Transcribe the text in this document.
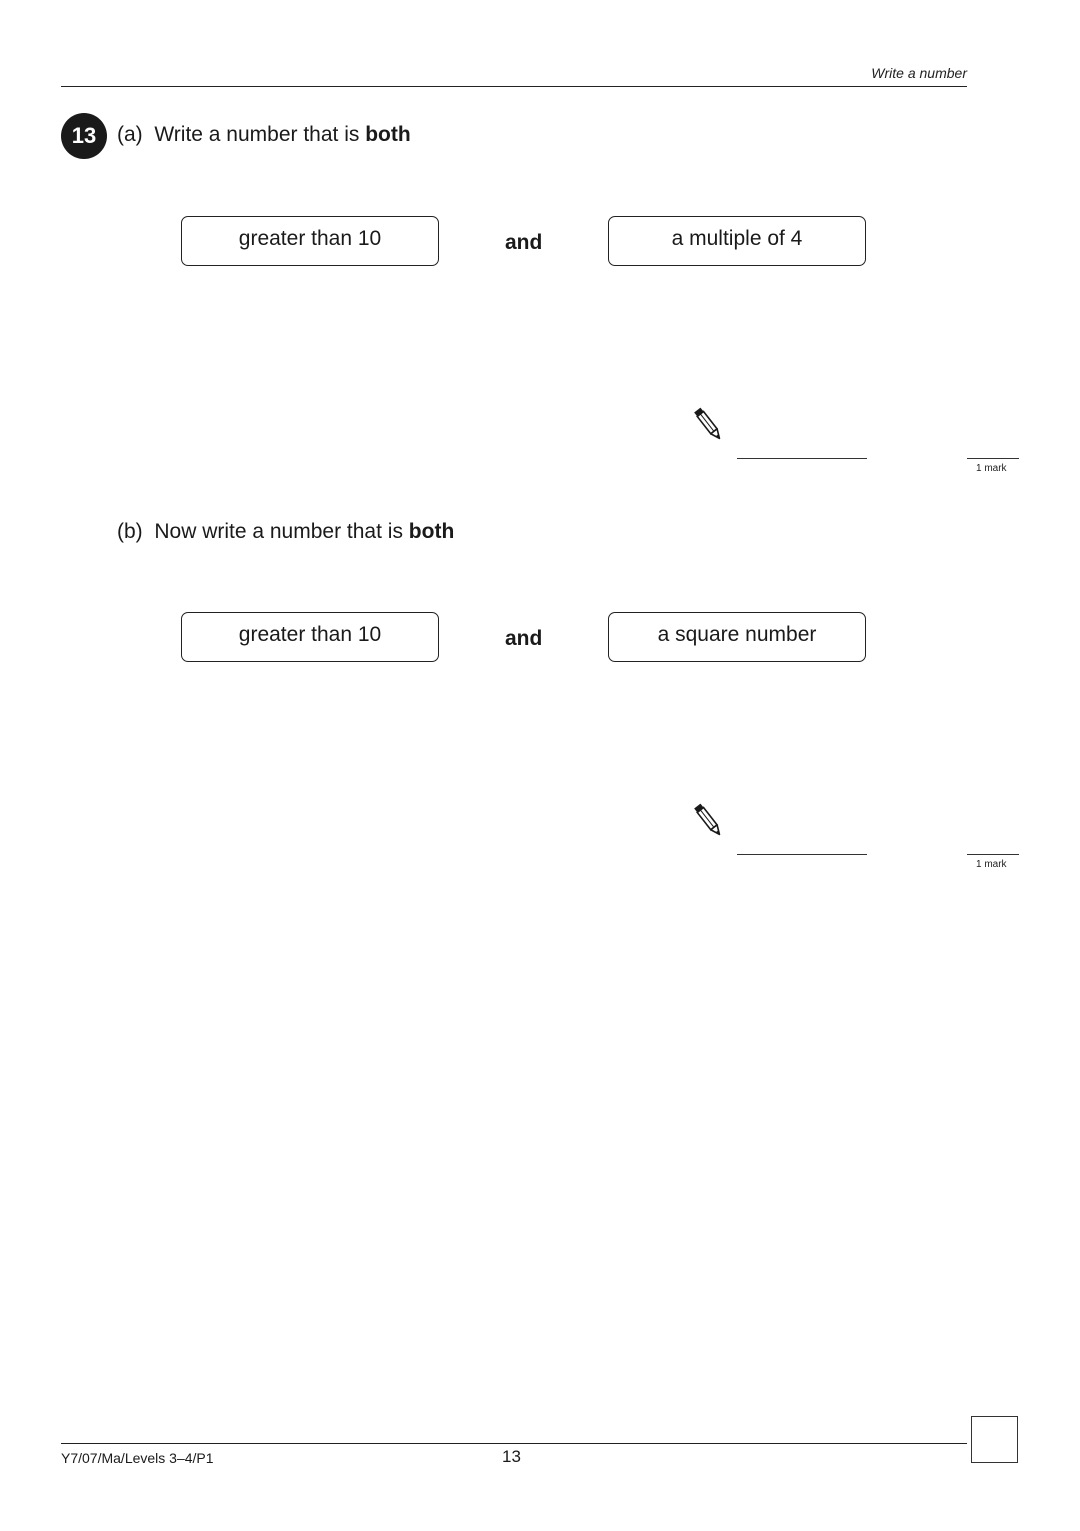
Write a number
13 (a) Write a number that is both
greater than 10	and	a multiple of 4
1 mark
(b) Now write a number that is both
greater than 10	and	a square number
1 mark
Y7/07/Ma/Levels 3–4/P1	13
